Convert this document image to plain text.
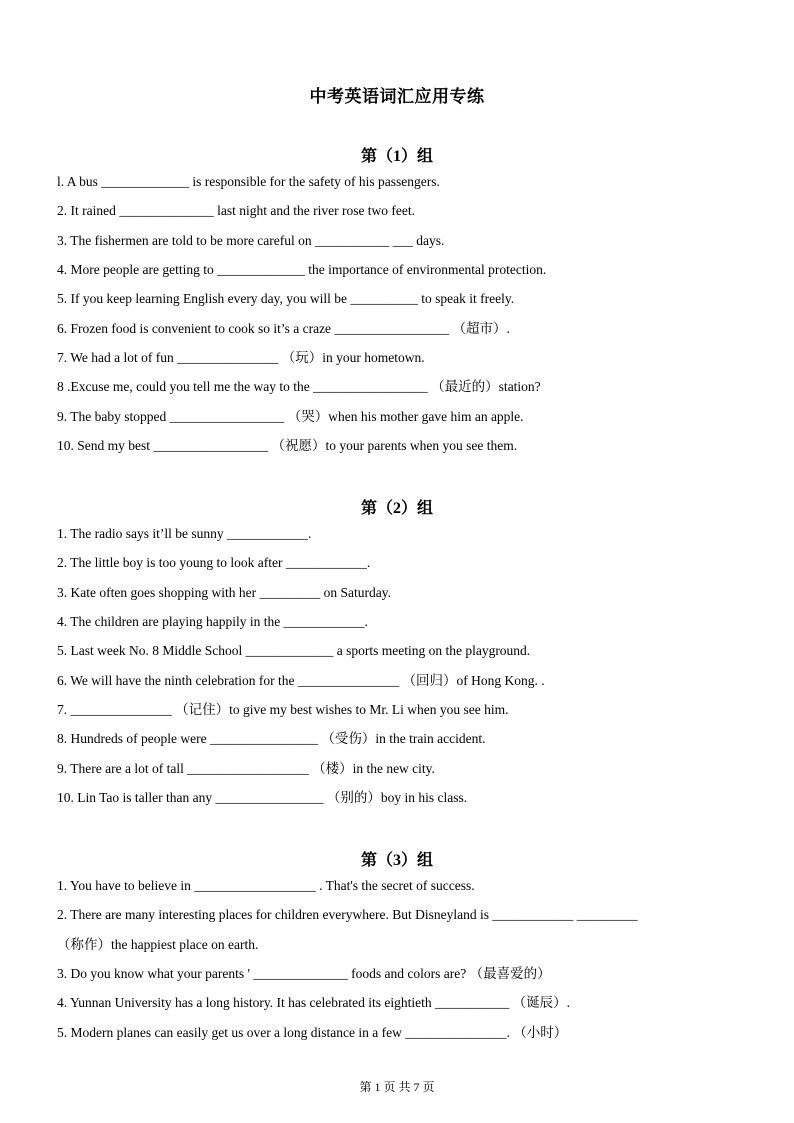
中考英语词汇应用专练
第（1）组
l. A bus _____________ is responsible for the safety of his passengers.
2. It rained ______________ last night and the river rose two feet.
3. The fishermen are told to be more careful on ___________ ___ days.
4. More people are getting to _____________ the importance of environmental protection.
5. If you keep learning English every day, you will be __________ to speak it freely.
6. Frozen food is convenient to cook so it’s a craze _________________ （超市）.
7. We had a lot of fun _______________ （玩）in your hometown.
8 .Excuse me, could you tell me the way to the _________________ （最近的）station?
9. The baby stopped _________________ （哭）when his mother gave him an apple.
10. Send my best _________________ （祝愿）to your parents when you see them.
第（2）组
1. The radio says it’ll be sunny ____________.
2. The little boy is too young to look after ____________.
3. Kate often goes shopping with her _________ on Saturday.
4. The children are playing happily in the ____________.
5. Last week No. 8 Middle School _____________ a sports meeting on the playground.
6. We will have the ninth celebration for the _______________ （回归）of Hong Kong. .
7. _______________ （记住）to give my best wishes to Mr. Li when you see him.
8. Hundreds of people were ________________ （受伤）in the train accident.
9. There are a lot of tall __________________ （楼）in the new city.
10. Lin Tao is taller than any ________________ （别的）boy in his class.
第（3）组
1. You have to believe in __________________ . That's the secret of success.
2. There are many interesting places for children everywhere. But Disneyland is ____________ _________
（称作）the happiest place on earth.
3. Do you know what your parents ' ______________ foods and colors are? （最喜爱的）
4. Yunnan University has a long history. It has celebrated its eightieth ___________ （诞辰）.
5. Modern planes can easily get us over a long distance in a few _______________. （小时）
第 1 页 共 7 页
